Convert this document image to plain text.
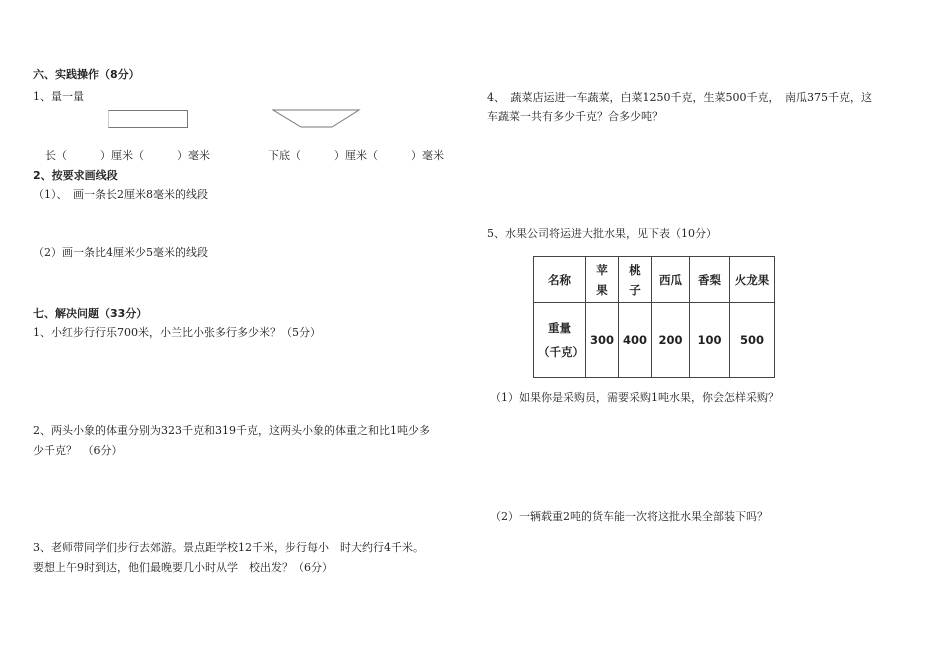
六、实践操作（8分）
1、量一量
长（　　　）厘米（　　　）毫米	下底（　　　）厘米（　　　）毫米
2、按要求画线段
（1）、　画一条长2厘米8毫米的线段
（2）画一条比4厘米少5毫米的线段
七、解决问题（33分）
1、小红步行行乐700米，小兰比小张多行多少米？（5分）
2、两头小象的体重分别为323千克和319千克，这两头小象的体重之和比1吨少多
少千克？　（6分）
3、老师带同学们步行去郊游。景点距学校12千米，步行每小　时大约行4千米。
要想上午9时到达，他们最晚要几小时从学　校出发？（6分）
4、　蔬菜店运进一车蔬菜，白菜1250千克，生菜500千克，　南瓜375千克，这
车蔬菜一共有多少千克？合多少吨？
5、水果公司将运进大批水果，见下表（10分）
名称	苹果	桃子	西瓜	香梨	火龙果
重量（千克）	300	400	200	100	500
（1）如果你是采购员，需要采购1吨水果，你会怎样采购？
（2）一辆载重2吨的货车能一次将这批水果全部装下吗？
